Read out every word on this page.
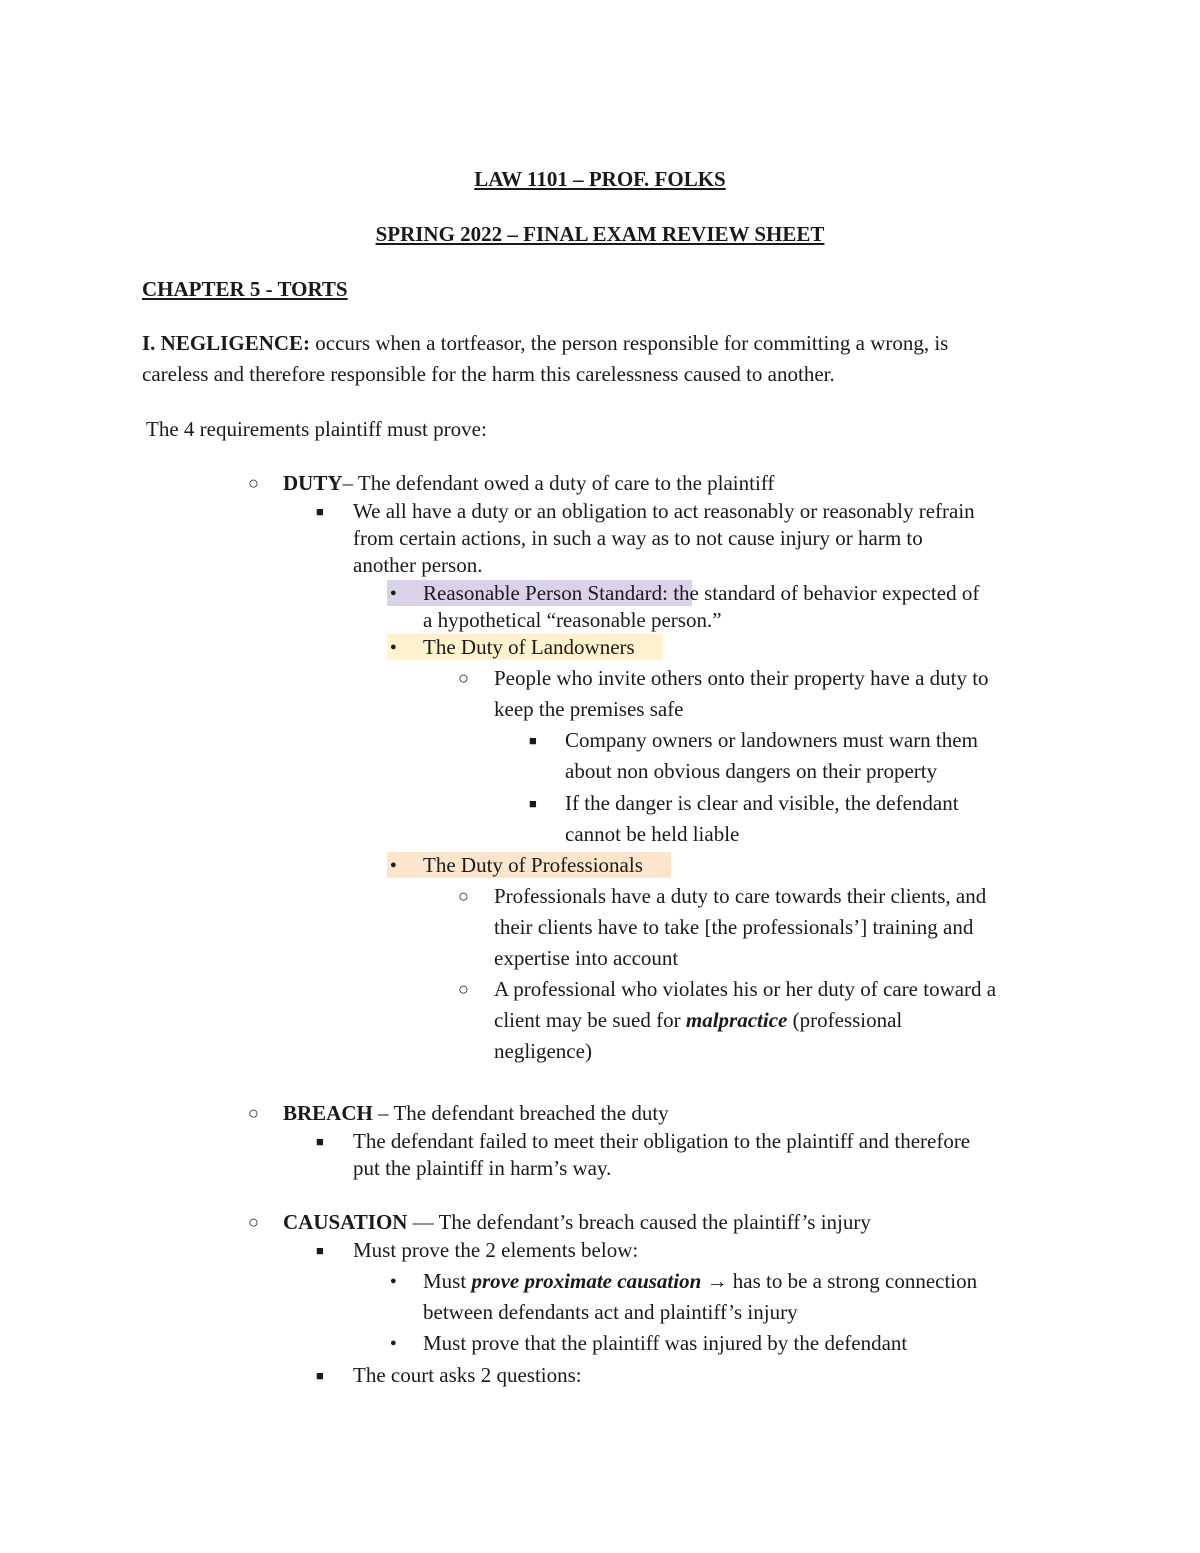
LAW 1101 – PROF. FOLKS
SPRING 2022 – FINAL EXAM REVIEW SHEET
CHAPTER 5 - TORTS
I. NEGLIGENCE: occurs when a tortfeasor, the person responsible for committing a wrong, is
careless and therefore responsible for the harm this carelessness caused to another.
The 4 requirements plaintiff must prove:
○ DUTY– The defendant owed a duty of care to the plaintiff
■ We all have a duty or an obligation to act reasonably or reasonably refrain
from certain actions, in such a way as to not cause injury or harm to
another person.
● Reasonable Person Standard: the standard of behavior expected of
a hypothetical “reasonable person.”
● The Duty of Landowners
○ People who invite others onto their property have a duty to
keep the premises safe
■ Company owners or landowners must warn them
about non obvious dangers on their property
■ If the danger is clear and visible, the defendant
cannot be held liable
● The Duty of Professionals
○ Professionals have a duty to care towards their clients, and
their clients have to take [the professionals’] training and
expertise into account
○ A professional who violates his or her duty of care toward a
client may be sued for malpractice (professional
negligence)
○ BREACH – The defendant breached the duty
■ The defendant failed to meet their obligation to the plaintiff and therefore
put the plaintiff in harm’s way.
○ CAUSATION — The defendant’s breach caused the plaintiff’s injury
■ Must prove the 2 elements below:
● Must prove proximate causation → has to be a strong connection
between defendants act and plaintiff’s injury
● Must prove that the plaintiff was injured by the defendant
■ The court asks 2 questions:
